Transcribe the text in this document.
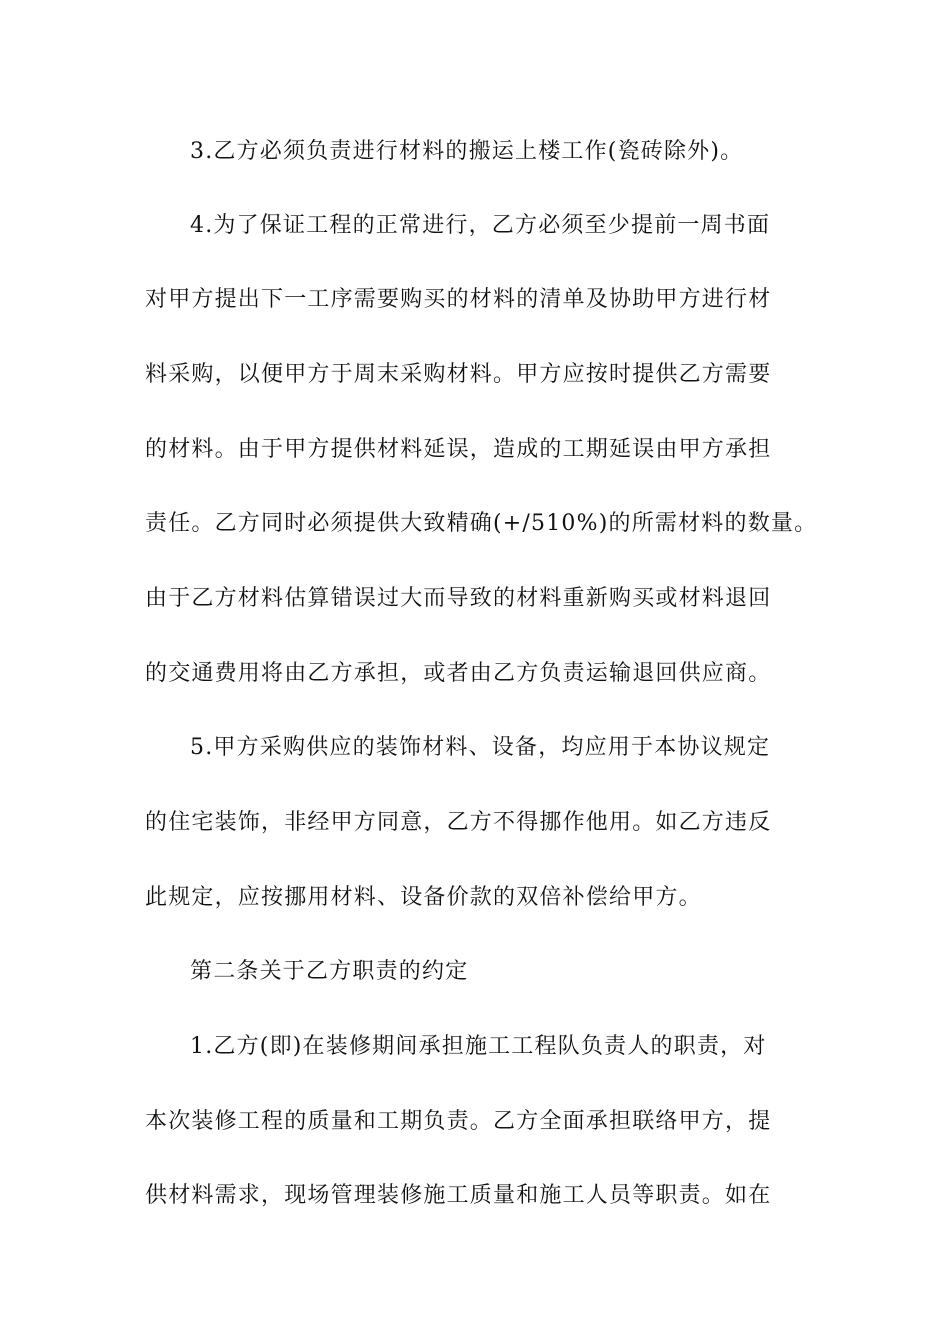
3.乙方必须负责进行材料的搬运上楼工作(瓷砖除外)。
4.为了保证工程的正常进行，乙方必须至少提前一周书面
对甲方提出下一工序需要购买的材料的清单及协助甲方进行材
料采购，以便甲方于周末采购材料。甲方应按时提供乙方需要
的材料。由于甲方提供材料延误，造成的工期延误由甲方承担
责任。乙方同时必须提供大致精确(+/510%)的所需材料的数量。
由于乙方材料估算错误过大而导致的材料重新购买或材料退回
的交通费用将由乙方承担，或者由乙方负责运输退回供应商。
5.甲方采购供应的装饰材料、设备，均应用于本协议规定
的住宅装饰，非经甲方同意，乙方不得挪作他用。如乙方违反
此规定，应按挪用材料、设备价款的双倍补偿给甲方。
第二条关于乙方职责的约定
1.乙方(即)在装修期间承担施工工程队负责人的职责，对
本次装修工程的质量和工期负责。乙方全面承担联络甲方，提
供材料需求，现场管理装修施工质量和施工人员等职责。如在
